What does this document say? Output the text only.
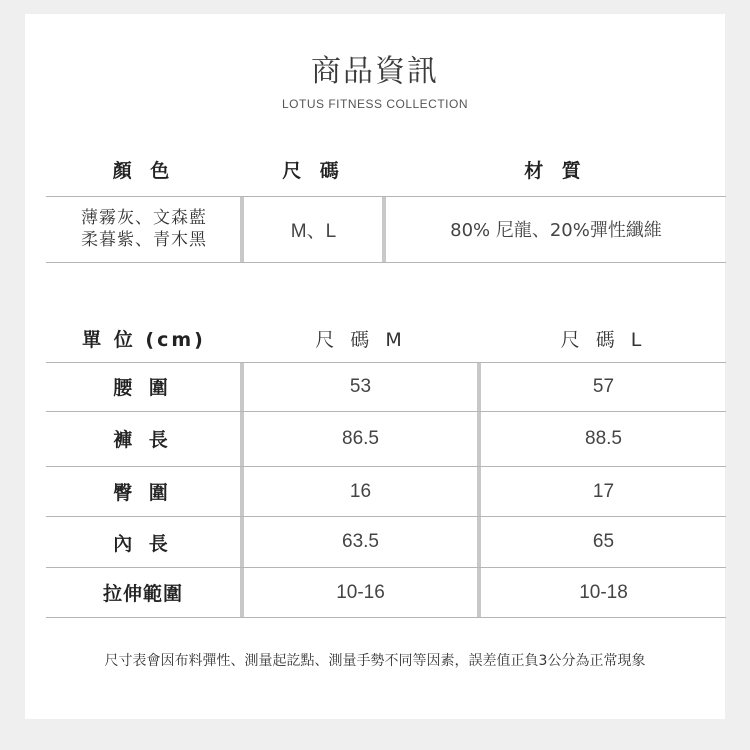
商品資訊
LOTUS FITNESS COLLECTION
顏 色	尺 碼	材 質
薄霧灰、文森藍
柔暮紫、青木黑	M、L	80% 尼龍、20%彈性纖維
單 位 (cm)	尺 碼 M	尺 碼 L
腰 圍	53	57
褲 長	86.5	88.5
臀 圍	16	17
內 長	63.5	65
拉伸範圍	10-16	10-18
尺寸表會因布料彈性、測量起訖點、測量手勢不同等因素，誤差值正負3公分為正常現象
